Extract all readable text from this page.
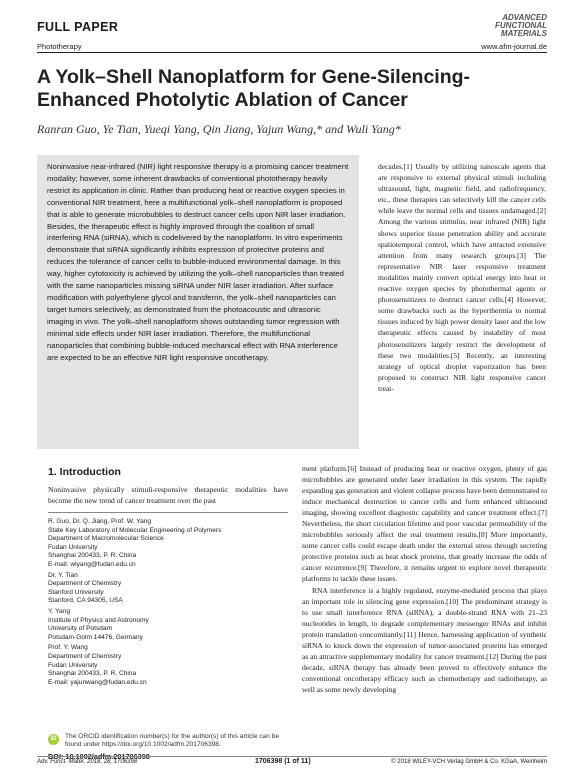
FULL PAPER
Phototherapy
ADVANCED
FUNCTIONAL
MATERIALS
www.afm-journal.de
A Yolk–Shell Nanoplatform for Gene-Silencing-Enhanced Photolytic Ablation of Cancer
Ranran Guo, Ye Tian, Yueqi Yang, Qin Jiang, Yajun Wang,* and Wuli Yang*
Noninvasive near-infrared (NIR) light responsive therapy is a promising cancer treatment modality; however, some inherent drawbacks of conventional phototherapy heavily restrict its application in clinic. Rather than producing heat or reactive oxygen species in conventional NIR treatment, here a multifunctional yolk–shell nanoplatform is proposed that is able to generate microbubbles to destruct cancer cells upon NIR laser irradiation. Besides, the therapeutic effect is highly improved through the coalition of small interfering RNA (siRNA), which is codelivered by the nanoplatform. In vitro experiments demonstrate that siRNA significantly inhibits expression of protective proteins and reduces the tolerance of cancer cells to bubble-induced environmental damage. In this way, higher cytotoxicity is achieved by utilizing the yolk–shell nanoparticles than treated with the same nanoparticles missing siRNA under NIR laser irradiation. After surface modification with polyethylene glycol and transferrin, the yolk–shell nanoparticles can target tumors selectively, as demonstrated from the photoacoustic and ultrasonic imaging in vivo. The yolk–shell nanoplatform shows outstanding tumor regression with minimal side effects under NIR laser irradiation. Therefore, the multifunctional nanoparticles that combining bubble-induced mechanical effect with RNA interference are expected to be an effective NIR light responsive oncotherapy.
decades.[1] Usually by utilizing nanoscale agents that are responsive to external physical stimuli including ultrasound, light, magnetic field, and radiofrequency, etc., these therapies can selectively kill the cancer cells while leave the normal cells and tissues undamaged.[2] Among the various stimulus, near infrared (NIR) light shows superior tissue penetration ability and accurate spatiotemporal control, which have attracted extensive attention from many research groups.[3] The representative NIR laser responsive treatment modalities mainly convert optical energy into heat or reactive oxygen species by photothermal agents or photosensitizers to destruct cancer cells.[4] However, some drawbacks such as the hyperthermia to normal tissues induced by high power density laser and the low therapeutic effects caused by instability of most photosensitizers largely restrict the development of these two modalities.[5] Recently, an interesting strategy of optical droplet vaporization has been proposed to construct NIR light responsive cancer treat-
1. Introduction
Noninvasive physically stimuli-responsive therapeutic modalities have become the new trend of cancer treatment over the past
R. Guo, Dr. Q. Jiang, Prof. W. Yang
State Key Laboratory of Molecular Engineering of Polymers
Department of Macromolecular Science
Fudan University
Shanghai 200433, P. R. China
E-mail: wlyang@fudan.edu.cn
Dr. Y. Tian
Department of Chemistry
Stanford University
Stanford, CA 94305, USA
Y. Yang
Institute of Physics and Astronomy
University of Potsdam
Potsdam-Golm 14476, Germany
Prof. Y. Wang
Department of Chemistry
Fudan University
Shanghai 200433, P. R. China
E-mail: yajunwang@fudan.edu.cn
iD	The ORCID identification number(s) for the author(s) of this article can be found under https://doi.org/10.1002/adfm.201706398.
DOI: 10.1002/adfm.201706398

ment platform.[6] Instead of producing heat or reactive oxygen, plenty of gas microbubbles are generated under laser irradiation in this system. The rapidly expanding gas generation and violent collapse process have been demonstrated to induce mechanical destruction to cancer cells and form enhanced ultrasound imaging, showing excellent diagnostic capability and cancer treatment effect.[7] Nevertheless, the short circulation lifetime and poor vascular permeability of the microbubbles seriously affect the real treatment results.[8] More importantly, some cancer cells could escape death under the external stress through secreting protective proteins such as heat shock proteins, that greatly increase the odds of cancer recurrence.[9] Therefore, it remains urgent to explore novel therapeutic platforms to tackle these issues.

RNA interference is a highly regulated, enzyme-mediated process that plays an important role in silencing gene expression.[10] The predominant strategy is to use small interference RNA (siRNA), a double-strand RNA with 21–23 nucleotides in length, to degrade complementary messenger RNAs and inhibit protein translation concomitantly.[11] Hence, harnessing application of synthetic siRNA to knock down the expression of tumor-associated proteins has emerged as an attractive supplementary modality for cancer treatment.[12] During the past decade, siRNA therapy has already been proved to effectively enhance the conventional oncotherapy efficacy such as chemotherapy and radiotherapy, as well as some newly developing

Adv. Funct. Mater. 2018, 28, 1706398	1706398 (1 of 11)	© 2018 WILEY-VCH Verlag GmbH & Co. KGaA, Weinheim
